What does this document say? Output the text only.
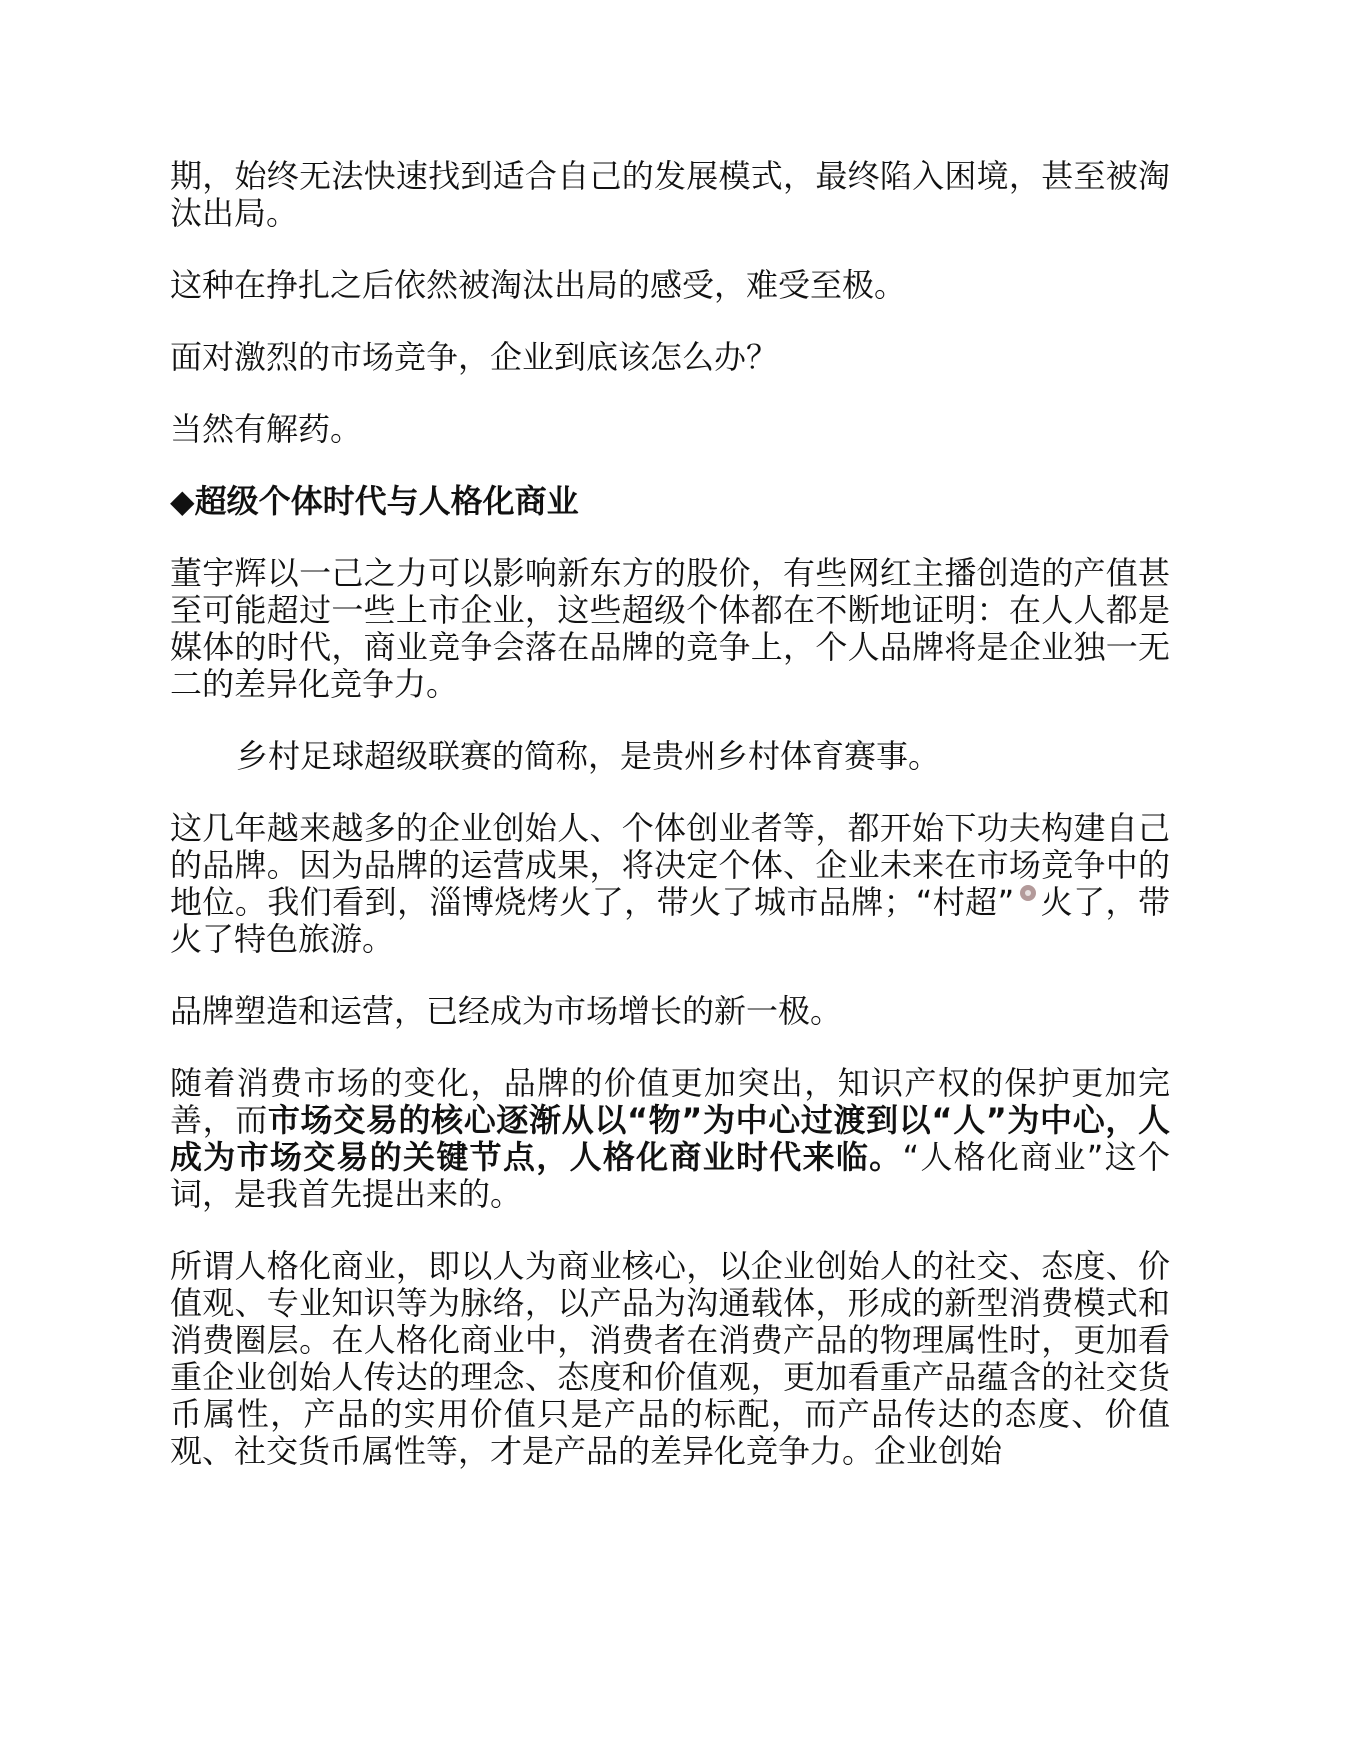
期，始终无法快速找到适合自己的发展模式，最终陷入困境，甚至被淘汰出局。

这种在挣扎之后依然被淘汰出局的感受，难受至极。

面对激烈的市场竞争，企业到底该怎么办？

当然有解药。

◆超级个体时代与人格化商业

董宇辉以一己之力可以影响新东方的股价，有些网红主播创造的产值甚至可能超过一些上市企业，这些超级个体都在不断地证明：在人人都是媒体的时代，商业竞争会落在品牌的竞争上，个人品牌将是企业独一无二的差异化竞争力。

乡村足球超级联赛的简称，是贵州乡村体育赛事。

这几年越来越多的企业创始人、个体创业者等，都开始下功夫构建自己的品牌。因为品牌的运营成果，将决定个体、企业未来在市场竞争中的地位。我们看到，淄博烧烤火了，带火了城市品牌；“村超” 火了，带火了特色旅游。

品牌塑造和运营，已经成为市场增长的新一极。

随着消费市场的变化，品牌的价值更加突出，知识产权的保护更加完善，而市场交易的核心逐渐从以“物”为中心过渡到以“人”为中心，人成为市场交易的关键节点，人格化商业时代来临。“人格化商业”这个词，是我首先提出来的。

所谓人格化商业，即以人为商业核心，以企业创始人的社交、态度、价值观、专业知识等为脉络，以产品为沟通载体，形成的新型消费模式和消费圈层。在人格化商业中，消费者在消费产品的物理属性时，更加看重企业创始人传达的理念、态度和价值观，更加看重产品蕴含的社交货币属性，产品的实用价值只是产品的标配，而产品传达的态度、价值观、社交货币属性等，才是产品的差异化竞争力。企业创始
